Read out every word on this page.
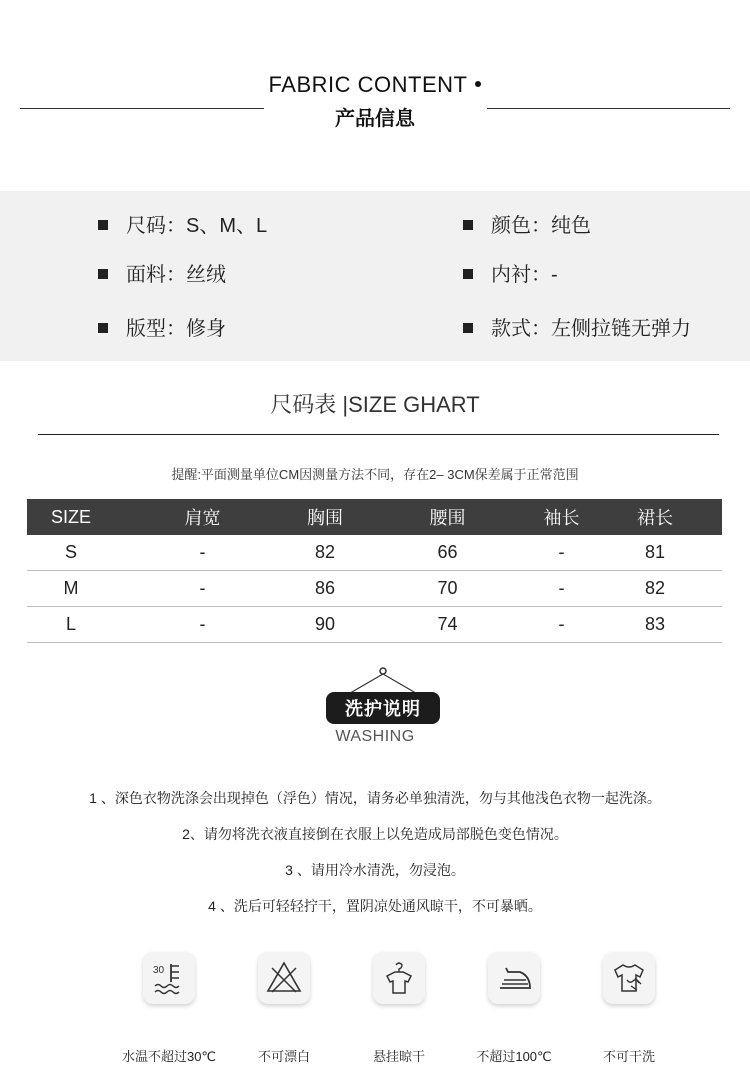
FABRIC CONTENT
产品信息
尺码：S、M、L	颜色：纯色
面料：丝绒	内衬：-
版型：修身	款式：左侧拉链无弹力
尺码表 |SIZE GHART
提醒:平面测量单位CM因测量方法不同，存在2– 3CM保差属于正常范围
SIZE	肩宽	胸围	腰围	袖长	裙长
S	-	82	66	-	81
M	-	86	70	-	82
L	-	90	74	-	83
洗护说明
WASHING
1 、深色衣物洗涤会出现掉色（浮色）情况，请务必单独清洗，勿与其他浅色衣物一起洗涤。
2、请勿将洗衣液直接倒在衣服上以免造成局部脱色变色情况。
3 、请用冷水清洗，勿浸泡。
4 、洗后可轻轻拧干，置阴凉处通风晾干，不可暴晒。
30
水温不超过30℃	不可漂白	悬挂晾干	不超过100℃	不可干洗
